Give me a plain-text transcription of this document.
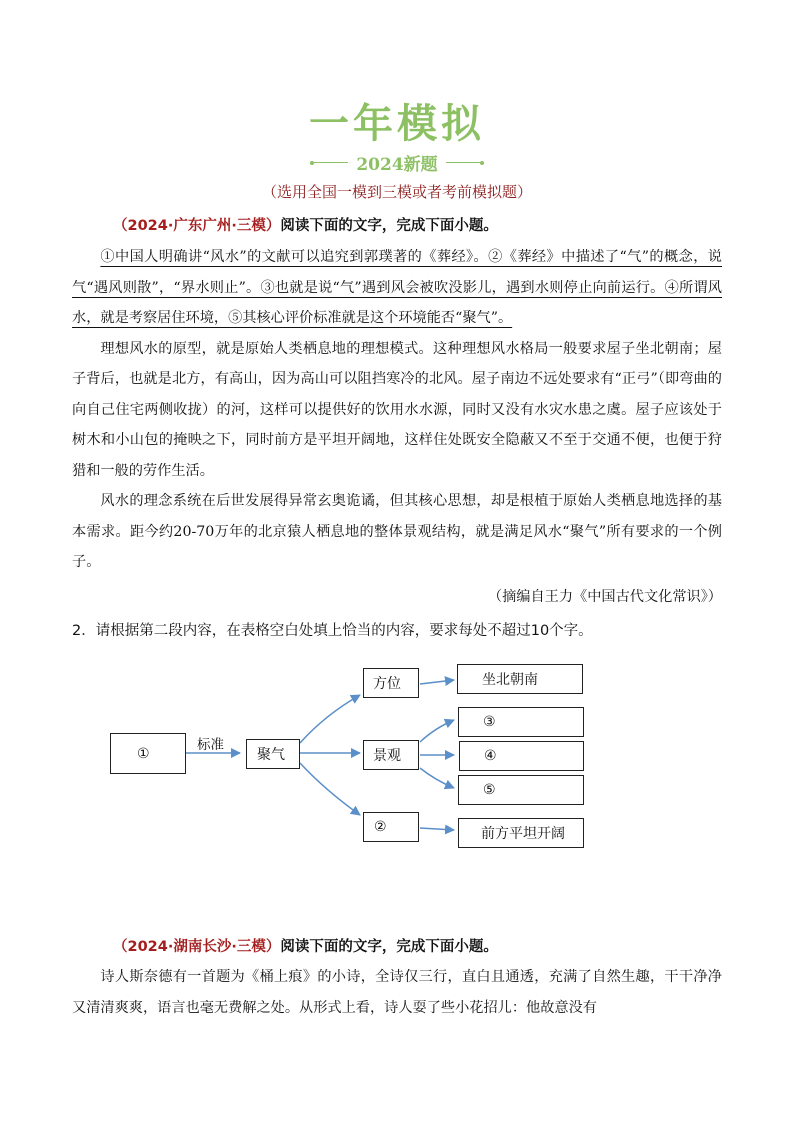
一年模拟
2024新题
（选用全国一模到三模或者考前模拟题）
（2024·广东广州·三模）阅读下面的文字，完成下面小题。

①中国人明确讲“风水”的文献可以追究到郭璞著的《葬经》。②《葬经》中描述了“气”的概念，说气“遇风则散”，“界水则止”。③也就是说“气”遇到风会被吹没影儿，遇到水则停止向前运行。④所谓风水，就是考察居住环境，⑤其核心评价标准就是这个环境能否“聚气”。

理想风水的原型，就是原始人类栖息地的理想模式。这种理想风水格局一般要求屋子坐北朝南；屋子背后，也就是北方，有高山，因为高山可以阻挡寒冷的北风。屋子南边不远处要求有“正弓”（即弯曲的向自己住宅两侧收拢）的河，这样可以提供好的饮用水水源，同时又没有水灾水患之虞。屋子应该处于树木和小山包的掩映之下，同时前方是平坦开阔地，这样住处既安全隐蔽又不至于交通不便，也便于狩猎和一般的劳作生活。

风水的理念系统在后世发展得异常玄奥诡谲，但其核心思想，却是根植于原始人类栖息地选择的基本需求。距今约20-70万年的北京猿人栖息地的整体景观结构，就是满足风水“聚气”所有要求的一个例子。

（摘编自王力《中国古代文化常识》）
2．请根据第二段内容，在表格空白处填上恰当的内容，要求每处不超过10个字。
①
标准
聚气
方位
景观
②
坐北朝南
③
④
⑤
前方平坦开阔
（2024·湖南长沙·三模）阅读下面的文字，完成下面小题。

诗人斯奈德有一首题为《桶上痕》的小诗，全诗仅三行，直白且通透，充满了自然生趣，干干净净又清清爽爽，语言也毫无费解之处。从形式上看，诗人耍了些小花招儿：他故意没有
